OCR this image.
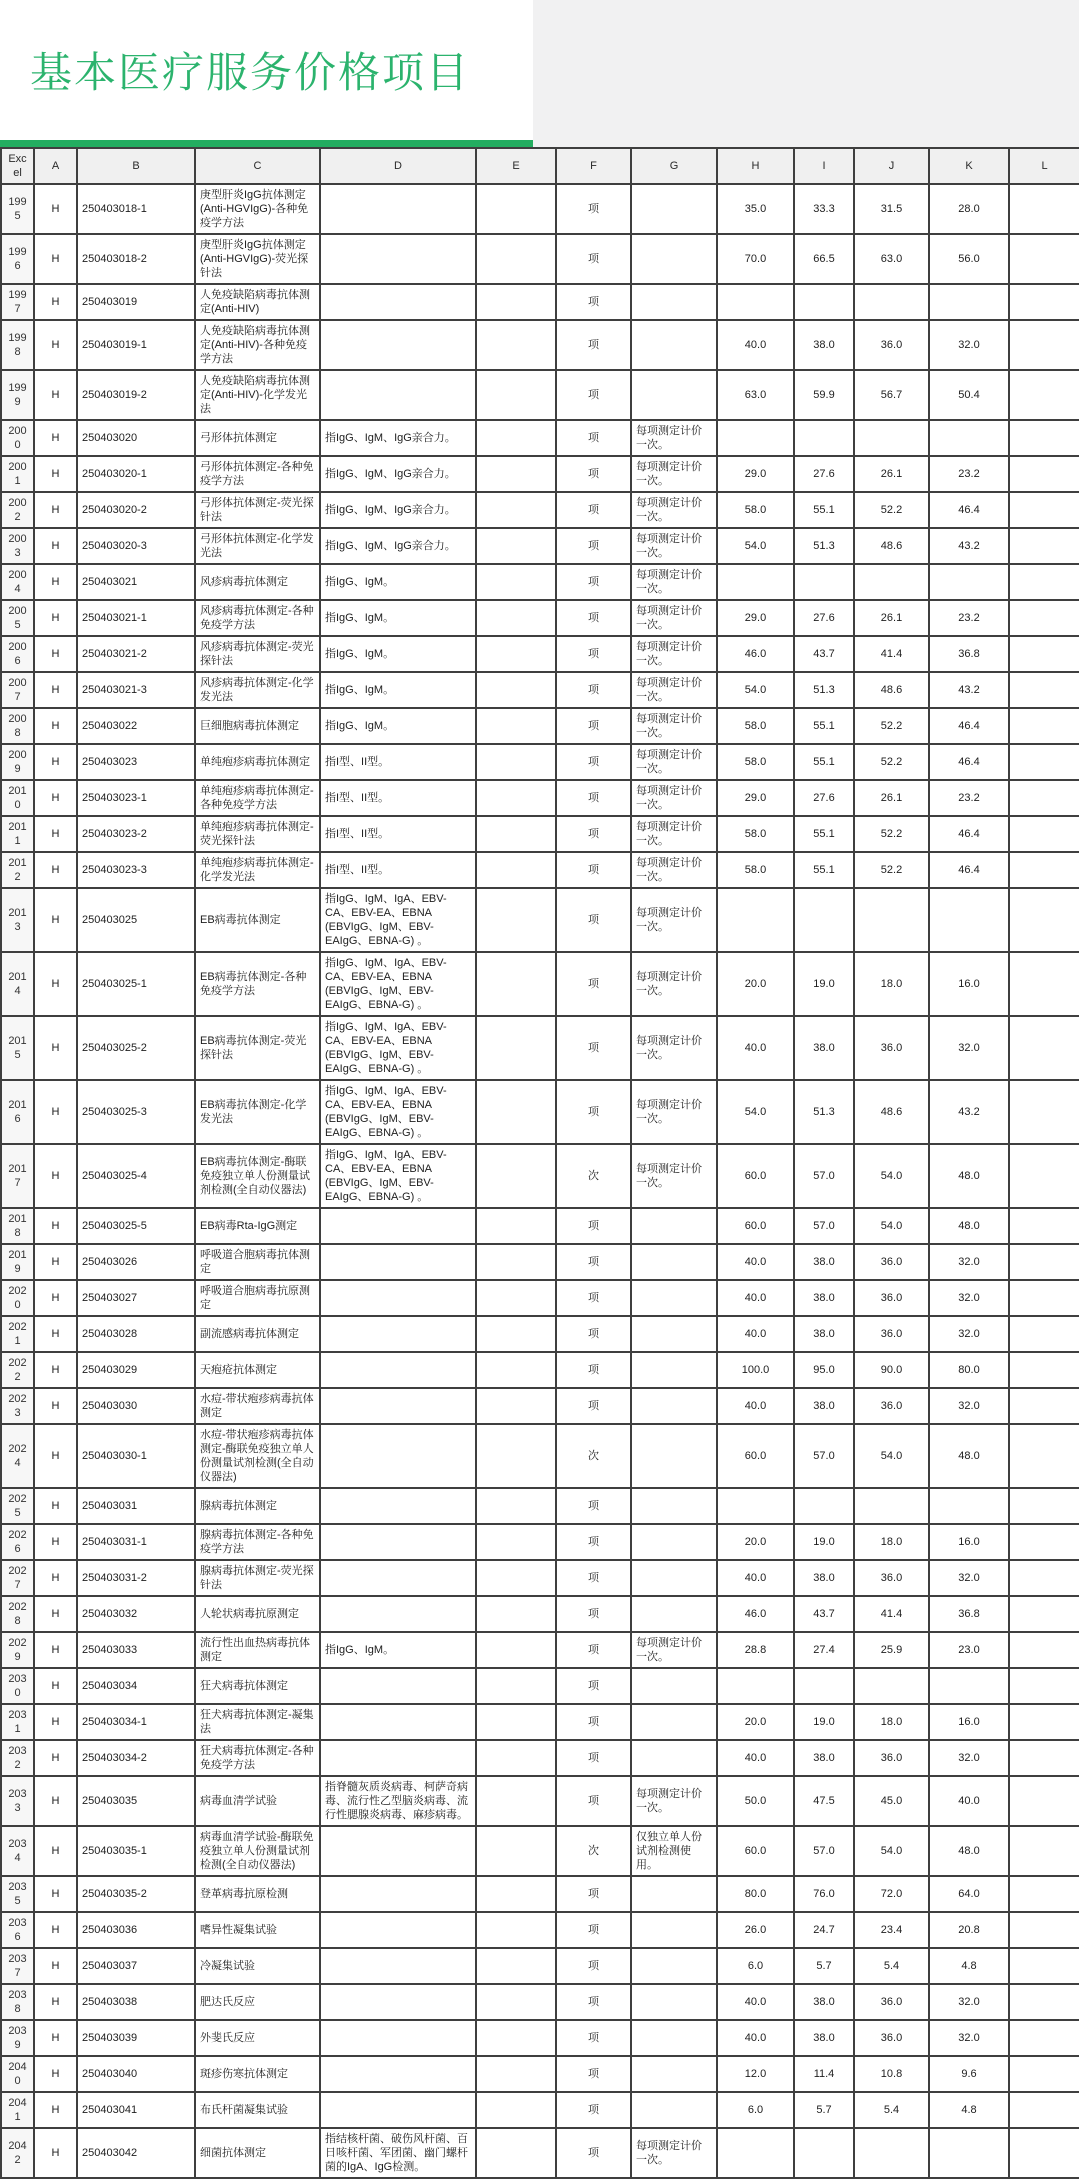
基本医疗服务价格项目
Excel	A	B	C	D	E	F	G	H	I	J	K	L
1995	H	250403018-1	庚型肝炎IgG抗体测定(Anti-HGVIgG)-各种免疫学方法			项		35.0	33.3	31.5	28.0	
1996	H	250403018-2	庚型肝炎IgG抗体测定(Anti-HGVIgG)-荧光探针法			项		70.0	66.5	63.0	56.0	
1997	H	250403019	人免疫缺陷病毒抗体测定(Anti-HIV)			项						
1998	H	250403019-1	人免疫缺陷病毒抗体测定(Anti-HIV)-各种免疫学方法			项		40.0	38.0	36.0	32.0	
1999	H	250403019-2	人免疫缺陷病毒抗体测定(Anti-HIV)-化学发光法			项		63.0	59.9	56.7	50.4	
2000	H	250403020	弓形体抗体测定	指IgG、IgM、IgG亲合力。		项	每项测定计价一次。					
2001	H	250403020-1	弓形体抗体测定-各种免疫学方法	指IgG、IgM、IgG亲合力。		项	每项测定计价一次。	29.0	27.6	26.1	23.2	
2002	H	250403020-2	弓形体抗体测定-荧光探针法	指IgG、IgM、IgG亲合力。		项	每项测定计价一次。	58.0	55.1	52.2	46.4	
2003	H	250403020-3	弓形体抗体测定-化学发光法	指IgG、IgM、IgG亲合力。		项	每项测定计价一次。	54.0	51.3	48.6	43.2	
2004	H	250403021	风疹病毒抗体测定	指IgG、IgM。		项	每项测定计价一次。					
2005	H	250403021-1	风疹病毒抗体测定-各种免疫学方法	指IgG、IgM。		项	每项测定计价一次。	29.0	27.6	26.1	23.2	
2006	H	250403021-2	风疹病毒抗体测定-荧光探针法	指IgG、IgM。		项	每项测定计价一次。	46.0	43.7	41.4	36.8	
2007	H	250403021-3	风疹病毒抗体测定-化学发光法	指IgG、IgM。		项	每项测定计价一次。	54.0	51.3	48.6	43.2	
2008	H	250403022	巨细胞病毒抗体测定	指IgG、IgM。		项	每项测定计价一次。	58.0	55.1	52.2	46.4	
2009	H	250403023	单纯疱疹病毒抗体测定	指I型、II型。		项	每项测定计价一次。	58.0	55.1	52.2	46.4	
2010	H	250403023-1	单纯疱疹病毒抗体测定-各种免疫学方法	指I型、II型。		项	每项测定计价一次。	29.0	27.6	26.1	23.2	
2011	H	250403023-2	单纯疱疹病毒抗体测定-荧光探针法	指I型、II型。		项	每项测定计价一次。	58.0	55.1	52.2	46.4	
2012	H	250403023-3	单纯疱疹病毒抗体测定-化学发光法	指I型、II型。		项	每项测定计价一次。	58.0	55.1	52.2	46.4	
2013	H	250403025	EB病毒抗体测定	指IgG、IgM、IgA、EBV-CA、EBV-EA、EBNA (EBVIgG、IgM、EBV-EAIgG、EBNA-G) 。		项	每项测定计价一次。					
2014	H	250403025-1	EB病毒抗体测定-各种免疫学方法	指IgG、IgM、IgA、EBV-CA、EBV-EA、EBNA (EBVIgG、IgM、EBV-EAIgG、EBNA-G) 。		项	每项测定计价一次。	20.0	19.0	18.0	16.0	
2015	H	250403025-2	EB病毒抗体测定-荧光探针法	指IgG、IgM、IgA、EBV-CA、EBV-EA、EBNA (EBVIgG、IgM、EBV-EAIgG、EBNA-G) 。		项	每项测定计价一次。	40.0	38.0	36.0	32.0	
2016	H	250403025-3	EB病毒抗体测定-化学发光法	指IgG、IgM、IgA、EBV-CA、EBV-EA、EBNA (EBVIgG、IgM、EBV-EAIgG、EBNA-G) 。		项	每项测定计价一次。	54.0	51.3	48.6	43.2	
2017	H	250403025-4	EB病毒抗体测定-酶联免疫独立单人份测量试剂检测(全自动仪器法)	指IgG、IgM、IgA、EBV-CA、EBV-EA、EBNA (EBVIgG、IgM、EBV-EAIgG、EBNA-G) 。		次	每项测定计价一次。	60.0	57.0	54.0	48.0	
2018	H	250403025-5	EB病毒Rta-IgG测定			项		60.0	57.0	54.0	48.0	
2019	H	250403026	呼吸道合胞病毒抗体测定			项		40.0	38.0	36.0	32.0	
2020	H	250403027	呼吸道合胞病毒抗原测定			项		40.0	38.0	36.0	32.0	
2021	H	250403028	副流感病毒抗体测定			项		40.0	38.0	36.0	32.0	
2022	H	250403029	天疱疮抗体测定			项		100.0	95.0	90.0	80.0	
2023	H	250403030	水痘-带状疱疹病毒抗体测定			项		40.0	38.0	36.0	32.0	
2024	H	250403030-1	水痘-带状疱疹病毒抗体测定-酶联免疫独立单人份测量试剂检测(全自动仪器法)			次		60.0	57.0	54.0	48.0	
2025	H	250403031	腺病毒抗体测定			项						
2026	H	250403031-1	腺病毒抗体测定-各种免疫学方法			项		20.0	19.0	18.0	16.0	
2027	H	250403031-2	腺病毒抗体测定-荧光探针法			项		40.0	38.0	36.0	32.0	
2028	H	250403032	人轮状病毒抗原测定			项		46.0	43.7	41.4	36.8	
2029	H	250403033	流行性出血热病毒抗体测定	指IgG、IgM。		项	每项测定计价一次。	28.8	27.4	25.9	23.0	
2030	H	250403034	狂犬病毒抗体测定			项						
2031	H	250403034-1	狂犬病毒抗体测定-凝集法			项		20.0	19.0	18.0	16.0	
2032	H	250403034-2	狂犬病毒抗体测定-各种免疫学方法			项		40.0	38.0	36.0	32.0	
2033	H	250403035	病毒血清学试验	指脊髓灰质炎病毒、柯萨奇病毒、流行性乙型脑炎病毒、流行性腮腺炎病毒、麻疹病毒。		项	每项测定计价一次。	50.0	47.5	45.0	40.0	
2034	H	250403035-1	病毒血清学试验-酶联免疫独立单人份测量试剂检测(全自动仪器法)			次	仅独立单人份试剂检测使用。	60.0	57.0	54.0	48.0	
2035	H	250403035-2	登革病毒抗原检测			项		80.0	76.0	72.0	64.0	
2036	H	250403036	嗜异性凝集试验			项		26.0	24.7	23.4	20.8	
2037	H	250403037	冷凝集试验			项		6.0	5.7	5.4	4.8	
2038	H	250403038	肥达氏反应			项		40.0	38.0	36.0	32.0	
2039	H	250403039	外斐氏反应			项		40.0	38.0	36.0	32.0	
2040	H	250403040	斑疹伤寒抗体测定			项		12.0	11.4	10.8	9.6	
2041	H	250403041	布氏杆菌凝集试验			项		6.0	5.7	5.4	4.8	
2042	H	250403042	细菌抗体测定	指结核杆菌、破伤风杆菌、百日咳杆菌、军团菌、幽门螺杆菌的IgA、IgG检测。		项	每项测定计价一次。					
